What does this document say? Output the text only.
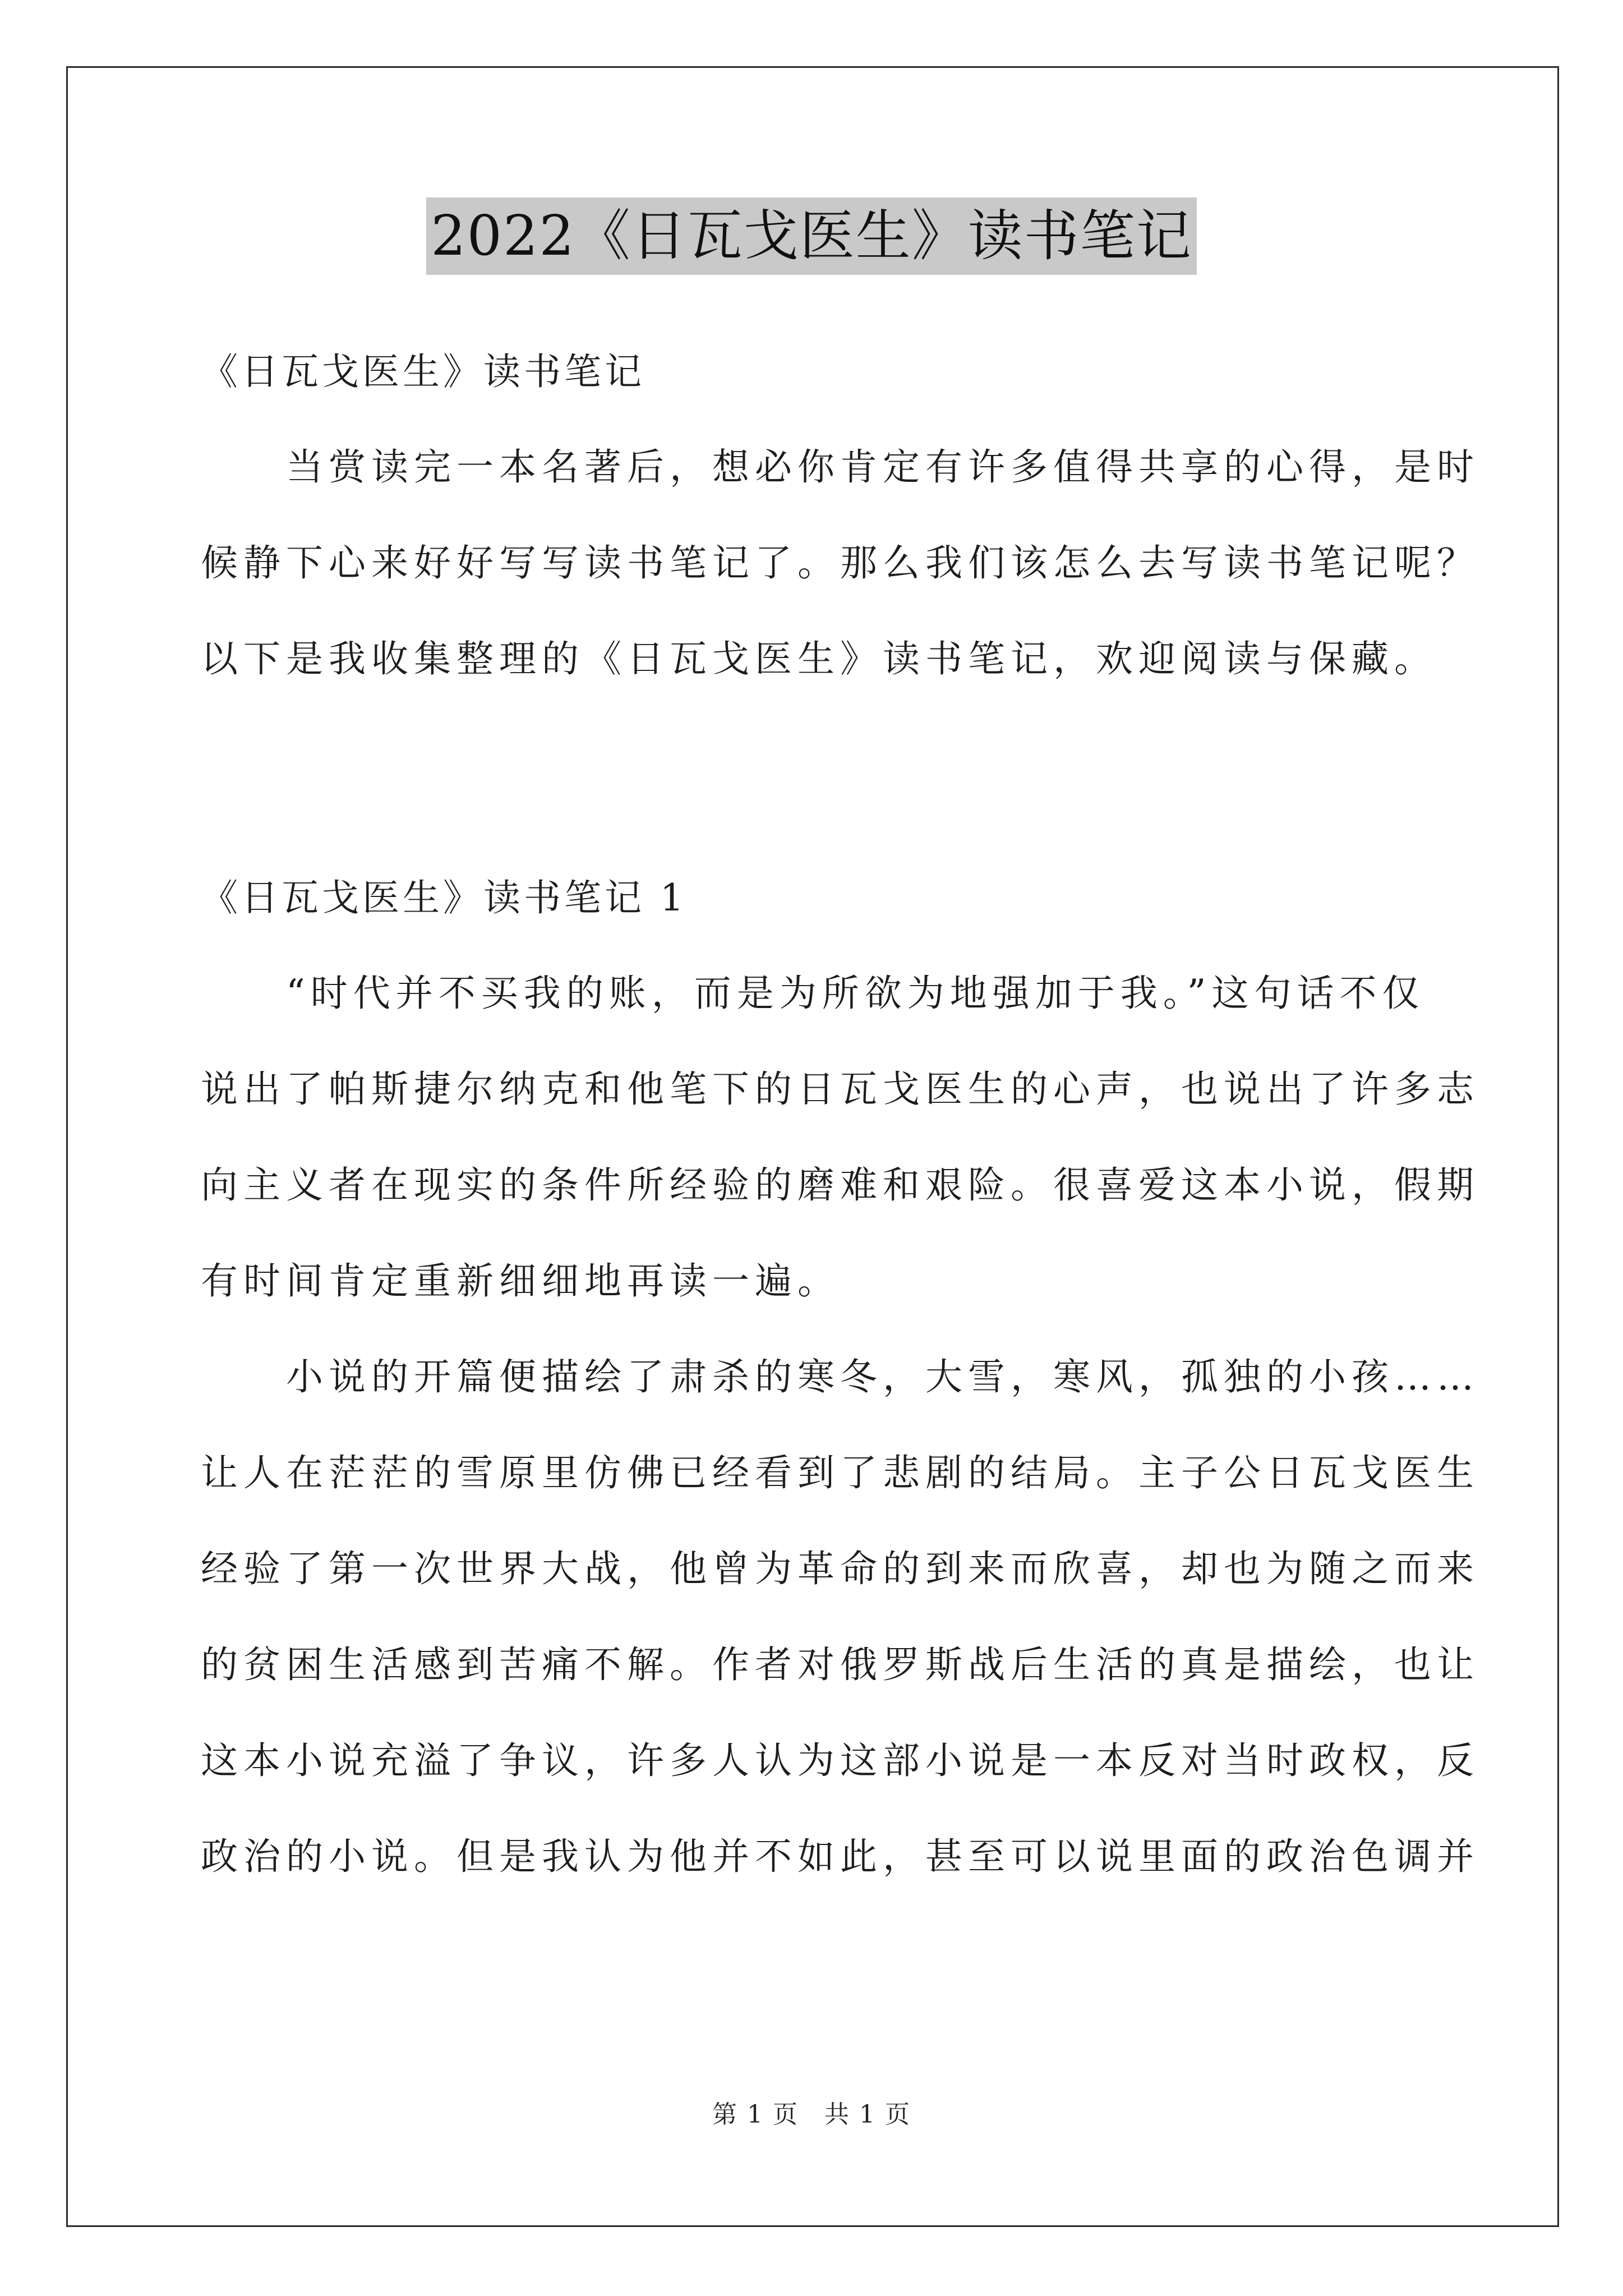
2022《日瓦戈医生》读书笔记
《日瓦戈医生》读书笔记
　　当赏读完一本名著后，想必你肯定有许多值得共享的心得，是时
候静下心来好好写写读书笔记了。那么我们该怎么去写读书笔记呢？
以下是我收集整理的《日瓦戈医生》读书笔记，欢迎阅读与保藏。
《日瓦戈医生》读书笔记 1
　　“时代并不买我的账，而是为所欲为地强加于我。”这句话不仅
说出了帕斯捷尔纳克和他笔下的日瓦戈医生的心声，也说出了许多志
向主义者在现实的条件所经验的磨难和艰险。很喜爱这本小说，假期
有时间肯定重新细细地再读一遍。
　　小说的开篇便描绘了肃杀的寒冬，大雪，寒风，孤独的小孩……
让人在茫茫的雪原里仿佛已经看到了悲剧的结局。主子公日瓦戈医生
经验了第一次世界大战，他曾为革命的到来而欣喜，却也为随之而来
的贫困生活感到苦痛不解。作者对俄罗斯战后生活的真是描绘，也让
这本小说充溢了争议，许多人认为这部小说是一本反对当时政权，反
政治的小说。但是我认为他并不如此，甚至可以说里面的政治色调并
第 1 页　共 1 页
